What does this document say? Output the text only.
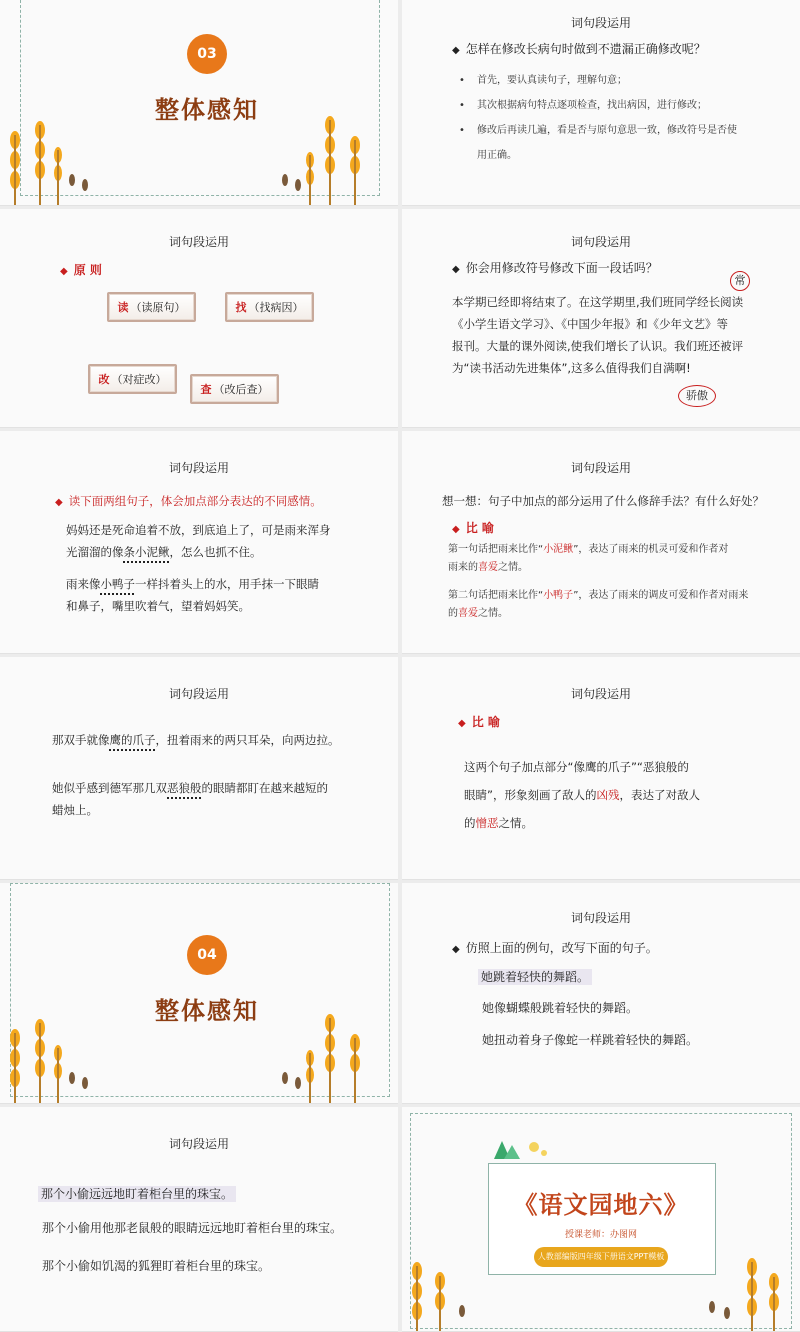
03
整体感知
词句段运用
◆ 怎样在修改长病句时做到不遗漏正确修改呢？
• 首先，要认真读句子，理解句意；
• 其次根据病句特点逐项检查，找出病因，进行修改；
• 修改后再读几遍，看是否与原句意思一致，修改符号是否使
用正确。
词句段运用
◆ 原 则
读 （读原句）	找 （找病因）
改 （对症改）
查 （改后查）
词句段运用
◆ 你会用修改符号修改下面一段话吗？
本学期已经即将结束了。在这学期里,我们班同学经长阅读
《小学生语文学习》、《中国少年报》和《少年文艺》等
报刊。大量的课外阅读,使我们增长了认识。我们班还被评
为“读书活动先进集体”,这多么值得我们自满啊!
常
骄傲
词句段运用
◆ 读下面两组句子，体会加点部分表达的不同感情。
妈妈还是死命追着不放，到底追上了，可是雨来浑身
光溜溜的像条小泥鳅，怎么也抓不住。
雨来像小鸭子一样抖着头上的水，用手抹一下眼睛
和鼻子，嘴里吹着气，望着妈妈笑。
词句段运用
想一想：句子中加点的部分运用了什么修辞手法？有什么好处？
◆ 比 喻
第一句话把雨来比作“小泥鳅”，表达了雨来的机灵可爱和作者对
雨来的喜爱之情。
第二句话把雨来比作“小鸭子”，表达了雨来的调皮可爱和作者对雨来
的喜爱之情。
词句段运用
那双手就像鹰的爪子，扭着雨来的两只耳朵，向两边拉。
她似乎感到德军那几双恶狼般的眼睛都盯在越来越短的
蜡烛上。
词句段运用
◆ 比 喻
这两个句子加点部分“像鹰的爪子”“恶狼般的
眼睛”，形象刻画了敌人的凶残，表达了对敌人
的憎恶之情。
04
整体感知
词句段运用
◆ 仿照上面的例句，改写下面的句子。
她跳着轻快的舞蹈。
她像蝴蝶般跳着轻快的舞蹈。
她扭动着身子像蛇一样跳着轻快的舞蹈。
词句段运用
那个小偷远远地盯着柜台里的珠宝。
那个小偷用他那老鼠般的眼睛远远地盯着柜台里的珠宝。
那个小偷如饥渴的狐狸盯着柜台里的珠宝。
《语文园地六》
授课老师：办图网
人教部编版四年级下册语文PPT模板
